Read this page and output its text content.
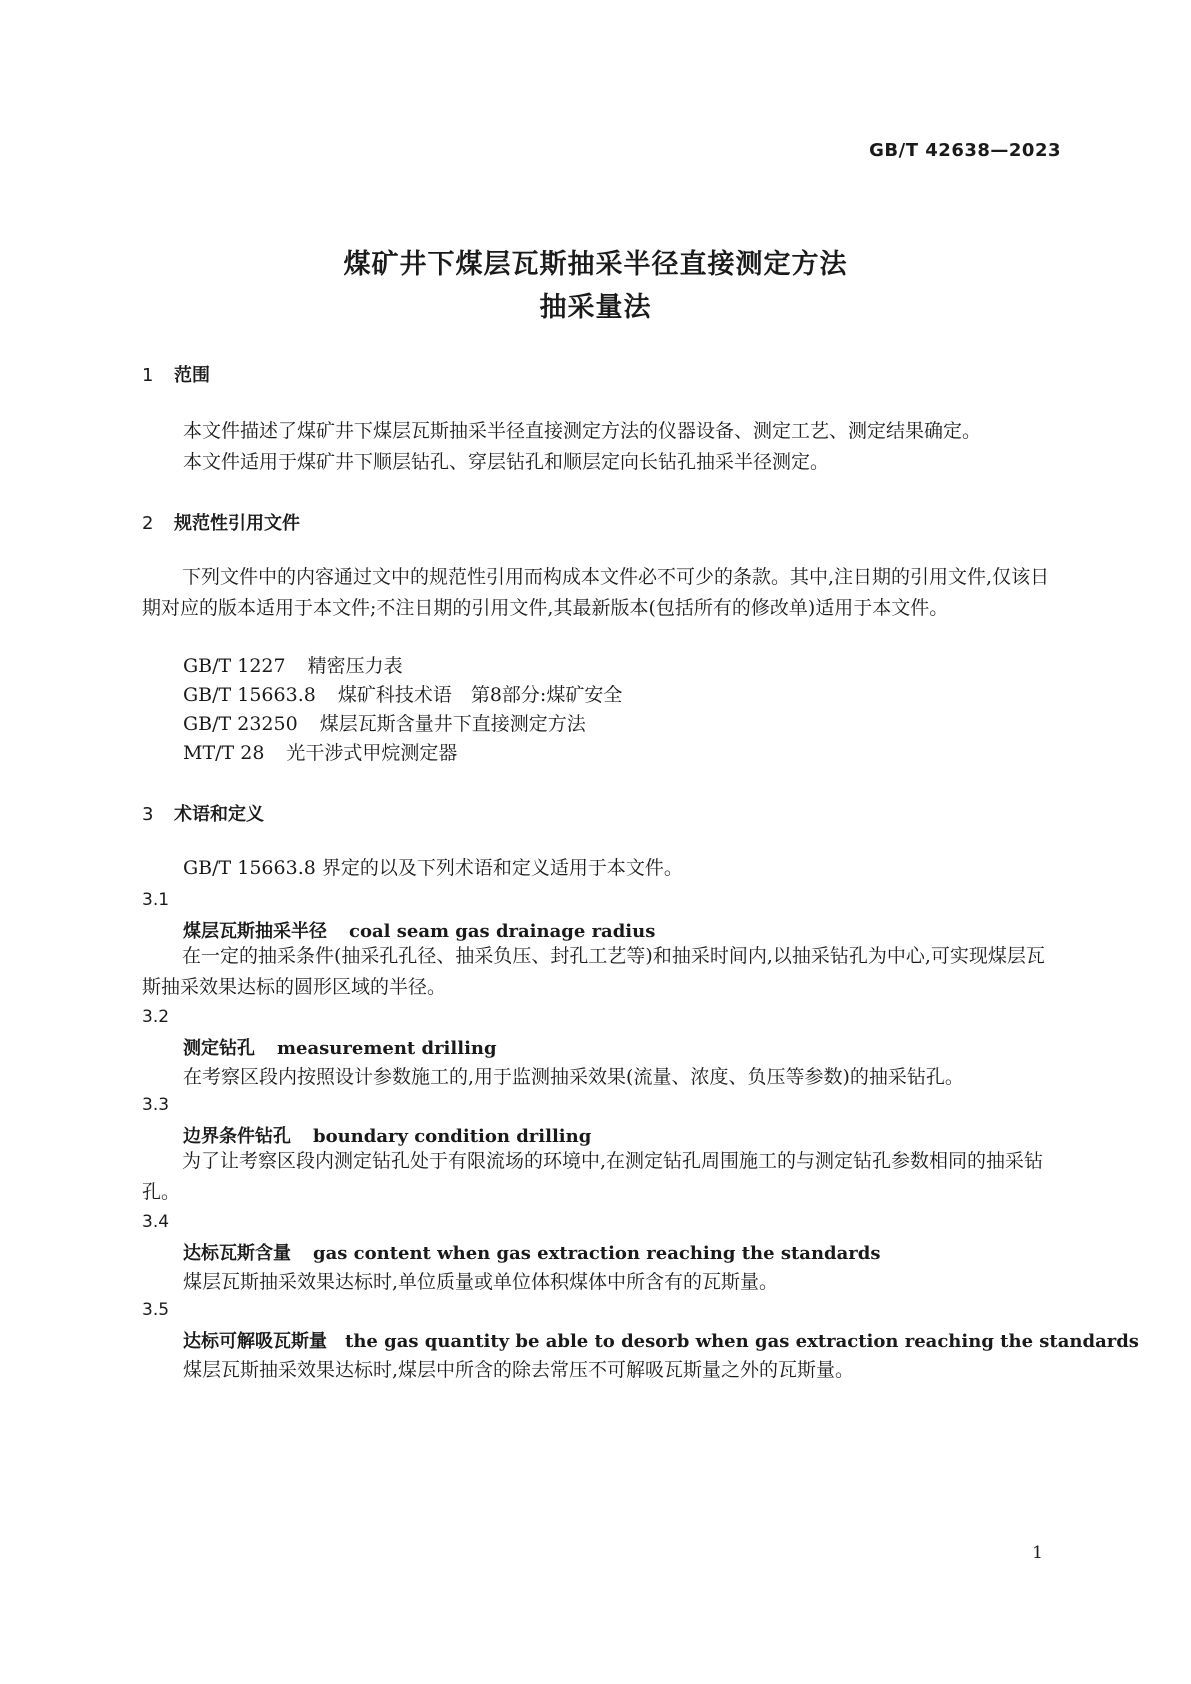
GB/T 42638—2023
煤矿井下煤层瓦斯抽采半径直接测定方法
抽采量法
1 范围
本文件描述了煤矿井下煤层瓦斯抽采半径直接测定方法的仪器设备、测定工艺、测定结果确定。
本文件适用于煤矿井下顺层钻孔、穿层钻孔和顺层定向长钻孔抽采半径测定。
2 规范性引用文件
下列文件中的内容通过文中的规范性引用而构成本文件必不可少的条款。其中,注日期的引用文件,仅该日期对应的版本适用于本文件;不注日期的引用文件,其最新版本(包括所有的修改单)适用于本文件。
GB/T 1227 精密压力表
GB/T 15663.8 煤矿科技术语　第8部分:煤矿安全
GB/T 23250 煤层瓦斯含量井下直接测定方法
MT/T 28 光干涉式甲烷测定器
3 术语和定义
GB/T 15663.8 界定的以及下列术语和定义适用于本文件。
3.1
煤层瓦斯抽采半径 coal seam gas drainage radius
在一定的抽采条件(抽采孔孔径、抽采负压、封孔工艺等)和抽采时间内,以抽采钻孔为中心,可实现煤层瓦斯抽采效果达标的圆形区域的半径。
3.2
测定钻孔 measurement drilling
在考察区段内按照设计参数施工的,用于监测抽采效果(流量、浓度、负压等参数)的抽采钻孔。
3.3
边界条件钻孔 boundary condition drilling
为了让考察区段内测定钻孔处于有限流场的环境中,在测定钻孔周围施工的与测定钻孔参数相同的抽采钻孔。
3.4
达标瓦斯含量 gas content when gas extraction reaching the standards
煤层瓦斯抽采效果达标时,单位质量或单位体积煤体中所含有的瓦斯量。
3.5
达标可解吸瓦斯量 the gas quantity be able to desorb when gas extraction reaching the standards
煤层瓦斯抽采效果达标时,煤层中所含的除去常压不可解吸瓦斯量之外的瓦斯量。
1
